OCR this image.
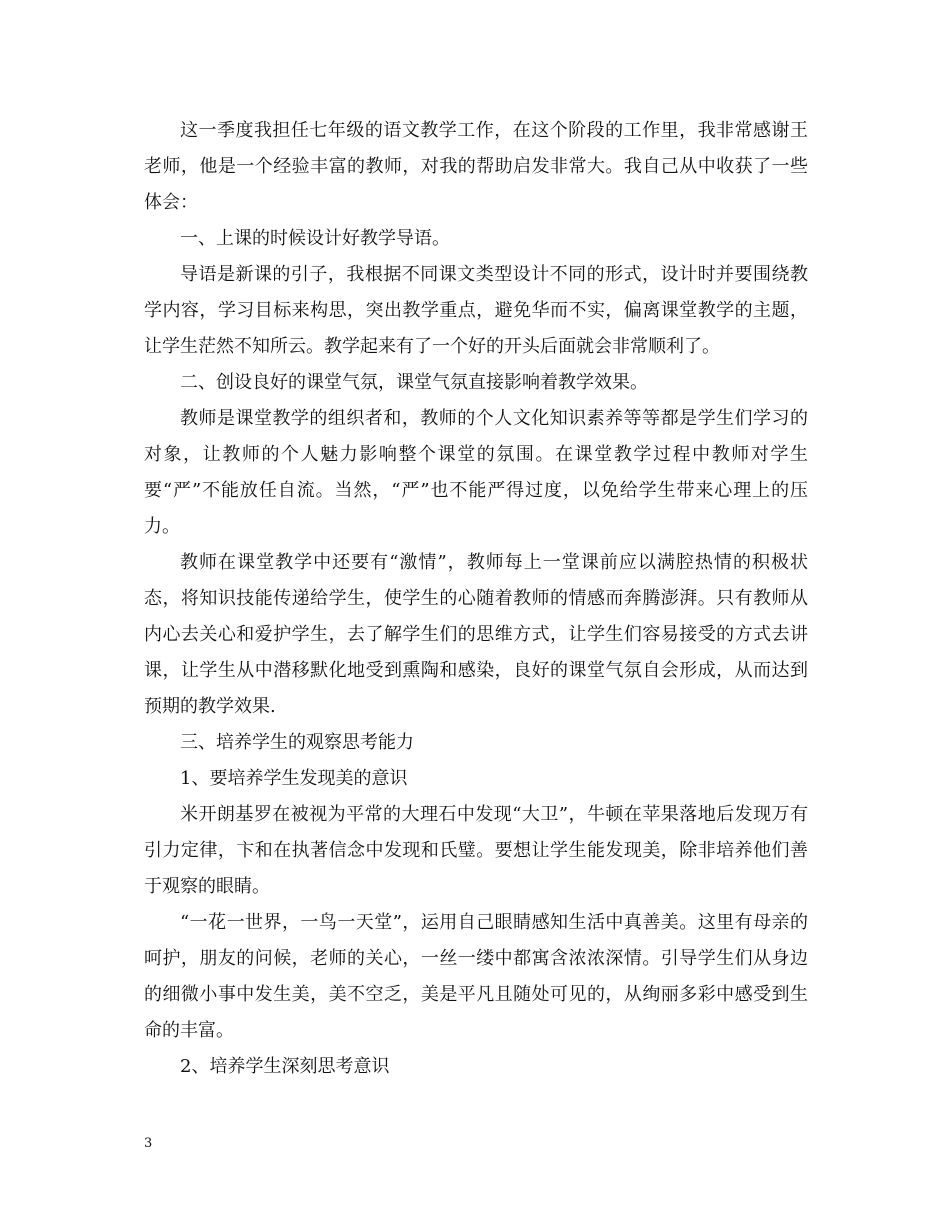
这一季度我担任七年级的语文教学工作，在这个阶段的工作里，我非常感谢王老师，他是一个经验丰富的教师，对我的帮助启发非常大。我自己从中收获了一些体会：

一、上课的时候设计好教学导语。

导语是新课的引子，我根据不同课文类型设计不同的形式，设计时并要围绕教学内容，学习目标来构思，突出教学重点，避免华而不实，偏离课堂教学的主题，让学生茫然不知所云。教学起来有了一个好的开头后面就会非常顺利了。

二、创设良好的课堂气氛，课堂气氛直接影响着教学效果。

教师是课堂教学的组织者和，教师的个人文化知识素养等等都是学生们学习的对象，让教师的个人魅力影响整个课堂的氛围。在课堂教学过程中教师对学生要“严”不能放任自流。当然，“严”也不能严得过度，以免给学生带来心理上的压力。

教师在课堂教学中还要有“激情”，教师每上一堂课前应以满腔热情的积极状态，将知识技能传递给学生，使学生的心随着教师的情感而奔腾澎湃。只有教师从内心去关心和爱护学生，去了解学生们的思维方式，让学生们容易接受的方式去讲课，让学生从中潜移默化地受到熏陶和感染，良好的课堂气氛自会形成，从而达到预期的教学效果.

三、培养学生的观察思考能力

1、要培养学生发现美的意识

米开朗基罗在被视为平常的大理石中发现“大卫”，牛顿在苹果落地后发现万有引力定律，卞和在执著信念中发现和氏璧。要想让学生能发现美，除非培养他们善于观察的眼睛。

“一花一世界，一鸟一天堂”，运用自己眼睛感知生活中真善美。这里有母亲的呵护，朋友的问候，老师的关心，一丝一缕中都寓含浓浓深情。引导学生们从身边的细微小事中发生美，美不空乏，美是平凡且随处可见的，从绚丽多彩中感受到生命的丰富。

2、培养学生深刻思考意识

3
